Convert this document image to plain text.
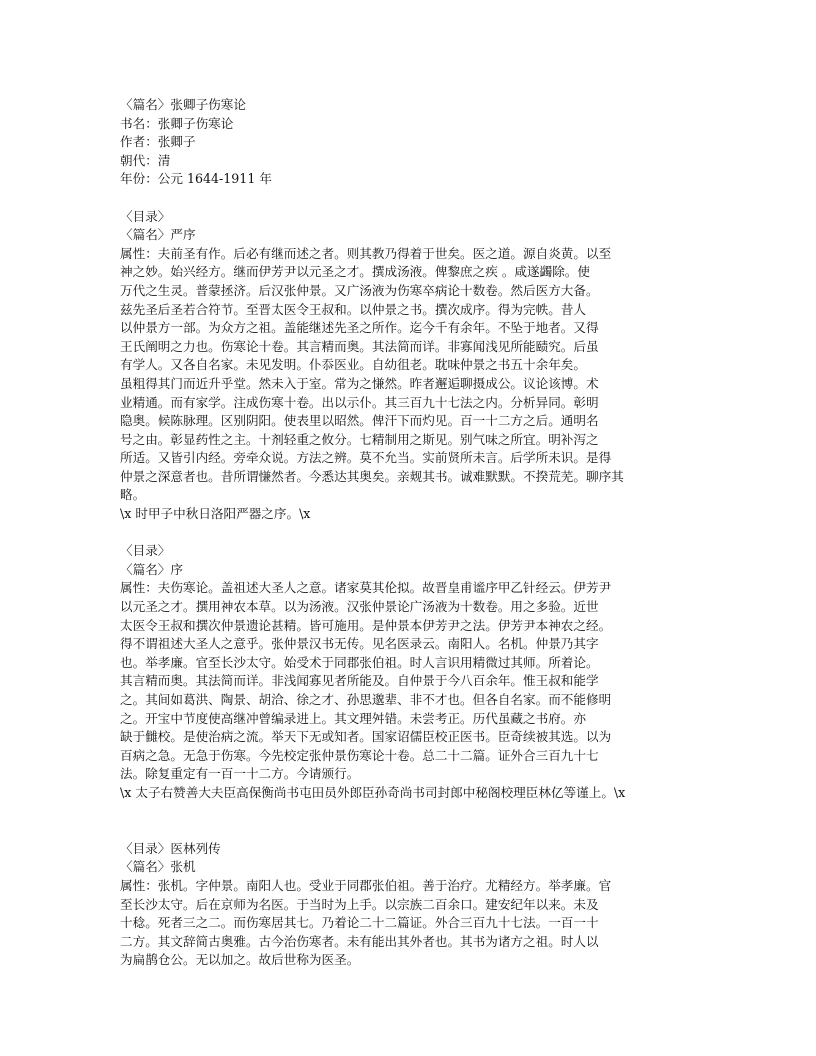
〈篇名〉张卿子伤寒论
书名：张卿子伤寒论
作者：张卿子
朝代：清
年份：公元 1644-1911 年
〈目录〉
〈篇名〉严序
属性：夫前圣有作。后必有继而述之者。则其教乃得着于世矣。医之道。源自炎黄。以至
神之妙。始兴经方。继而伊芳尹以元圣之才。撰成汤液。俾黎庶之疾 。咸遂蠲除。使
万代之生灵。普蒙拯济。后汉张仲景。又广汤液为伤寒卒病论十数卷。然后医方大备。
兹先圣后圣若合符节。至晋太医令王叔和。以仲景之书。撰次成序。得为完帙。昔人
以仲景方一部。为众方之祖。盖能继述先圣之所作。迄今千有余年。不坠于地者。又得
王氏阐明之力也。伤寒论十卷。其言精而奥。其法简而详。非寡闻浅见所能赜究。后虽
有学人。又各自名家。未见发明。仆忝医业。自幼徂老。耽味仲景之书五十余年矣。
虽粗得其门而近升乎堂。然未入于室。常为之慊然。昨者邂逅聊摄成公。议论该博。术
业精通。而有家学。注成伤寒十卷。出以示仆。其三百九十七法之内。分析异同。彰明
隐奥。候陈脉理。区别阴阳。使表里以昭然。俾汗下而灼见。百一十二方之后。通明名
号之由。彰显药性之主。十剂轻重之攸分。七精制用之斯见。别气味之所宜。明补泻之
所适。又皆引内经。旁牵众说。方法之辨。莫不允当。实前贤所未言。后学所未识。是得
仲景之深意者也。昔所谓慊然者。今悉达其奥矣。亲觌其书。诚难默默。不揆荒芜。聊序其
略。
\x 时甲子中秋日洛阳严器之序。\x
〈目录〉
〈篇名〉序
属性：夫伤寒论。盖祖述大圣人之意。诸家莫其伦拟。故晋皇甫谧序甲乙针经云。伊芳尹
以元圣之才。撰用神农本草。以为汤液。汉张仲景论广汤液为十数卷。用之多验。近世
太医令王叔和撰次仲景遗论甚精。皆可施用。是仲景本伊芳尹之法。伊芳尹本神农之经。
得不谓祖述大圣人之意乎。张仲景汉书无传。见名医录云。南阳人。名机。仲景乃其字
也。举孝廉。官至长沙太守。始受术于同郡张伯祖。时人言识用精微过其师。所着论。
其言精而奥。其法简而详。非浅闻寡见者所能及。自仲景于今八百余年。惟王叔和能学
之。其间如葛洪、陶景、胡洽、徐之才、孙思邈辈、非不才也。但各自名家。而不能修明
之。开宝中节度使高继冲曾编录进上。其文理舛错。未尝考正。历代虽藏之书府。亦
缺于雠校。是使治病之流。举天下无或知者。国家诏儒臣校正医书。臣奇续被其选。以为
百病之急。无急于伤寒。今先校定张仲景伤寒论十卷。总二十二篇。证外合三百九十七
法。除复重定有一百一十二方。今请颁行。
\x 太子右赞善大夫臣高保衡尚书屯田员外郎臣孙奇尚书司封郎中秘阁校理臣林亿等谨上。\x
〈目录〉医林列传
〈篇名〉张机
属性：张机。字仲景。南阳人也。受业于同郡张伯祖。善于治疗。尤精经方。举孝廉。官
至长沙太守。后在京师为名医。于当时为上手。以宗族二百余口。建安纪年以来。未及
十稔。死者三之二。而伤寒居其七。乃着论二十二篇证。外合三百九十七法。一百一十
二方。其文辞简古奥雅。古今治伤寒者。未有能出其外者也。其书为诸方之祖。时人以
为扁鹊仓公。无以加之。故后世称为医圣。
